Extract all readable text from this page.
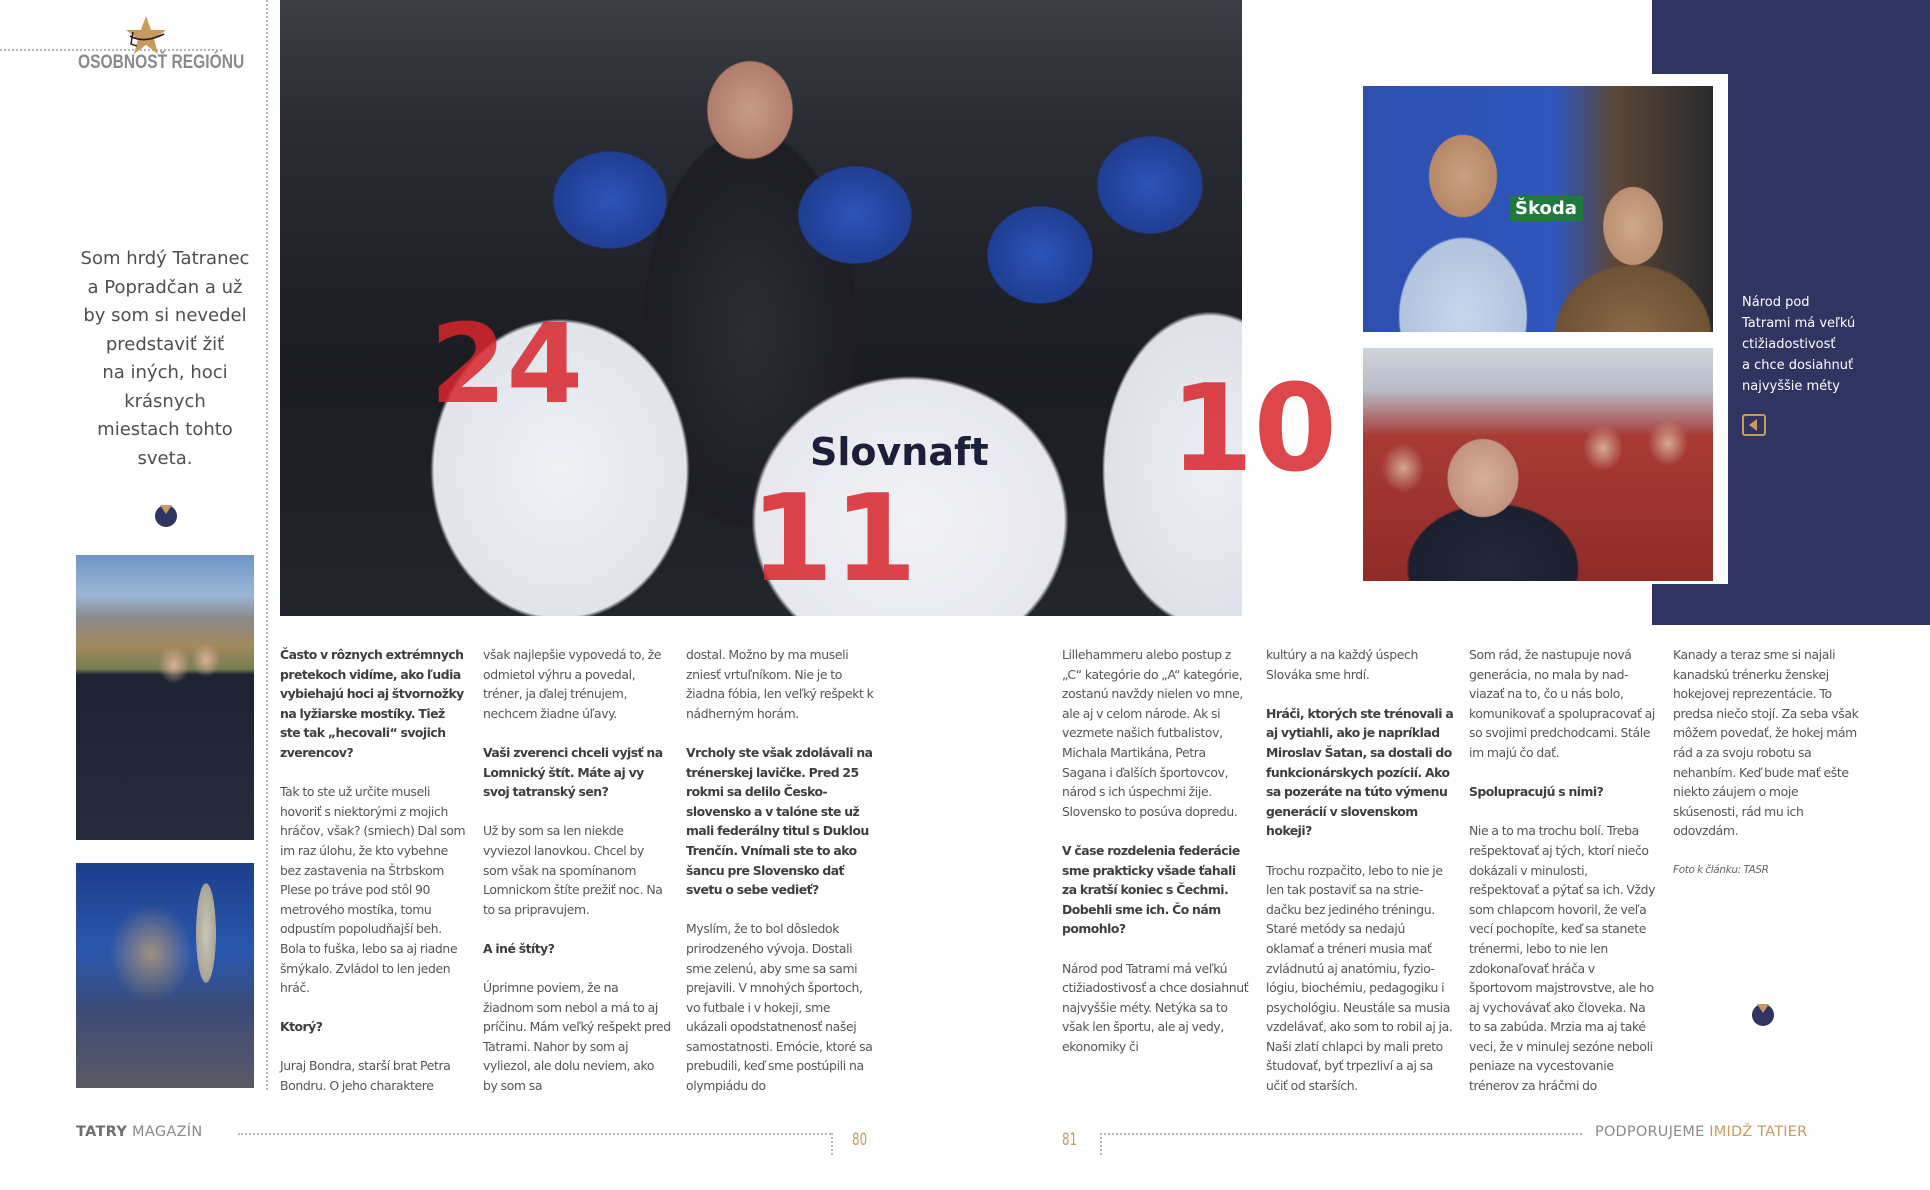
OSOBNOSŤ REGIÓNU
Som hrdý Tatranec
a Popradčan a už
by som si nevedel
predstaviť žiť
na iných, hoci
krásnych
miestach tohto
sveta.
24
11
10
Slovnaft
Škoda
Národ pod
Tatrami má veľkú
ctižiadostivosť
a chce dosiahnuť
najvyššie méty

Často v rôznych extrémnych pretekoch vidíme, ako ľudia vybiehajú hoci aj štvornožky na lyžiarske mostíky. Tiež ste tak „hecovali“ svojich zverencov?

Tak to ste už určite museli hovoriť s niektorými z mojich hráčov, však? (smiech) Dal som im raz úlohu, že kto vybehne bez zastavenia na Štrbskom Plese po tráve pod stôl 90 metrového mostíka, tomu odpustím popoludňajší beh. Bola to fuška, lebo sa aj riadne šmýkalo. Zvládol to len jeden hráč.

Ktorý?

Juraj Bondra, starší brat Petra Bondru. O jeho charaktere

však najlepšie vypovedá to, že odmietol výhru a povedal, tréner, ja ďalej trénujem, nechcem žiadne úľavy.

Vaši zverenci chceli vyjsť na Lomnický štít. Máte aj vy svoj tatranský sen?

Už by som sa len niekde vyviezol lanovkou. Chcel by som však na spomínanom Lomnickom štíte prežiť noc. Na to sa pripravujem.

A iné štíty?

Úprimne poviem, že na žiadnom som nebol a má to aj príčinu. Mám veľký rešpekt pred Tatrami. Nahor by som aj vyliezol, ale dolu neviem, ako by som sa

dostal. Možno by ma museli zniesť vrtuľníkom. Nie je to žiadna fóbia, len veľký rešpekt k nádherným horám.

Vrcholy ste však zdolávali na trénerskej lavičke. Pred 25 rokmi sa delilo Československo a v talóne ste už mali federálny titul s Duklou Trenčín. Vnímali ste to ako šancu pre Slovensko dať svetu o sebe vedieť?

Myslím, že to bol dôsledok prirodzeného vývoja. Dostali sme zelenú, aby sme sa sami prejavili. V mnohých športoch, vo futbale i v hokeji, sme ukázali opodstatnenosť našej samostatnosti. Emócie, ktoré sa prebudili, keď sme postúpili na olympiádu do

Lillehammeru alebo postup z „C“ kategórie do „A“ kategórie, zostanú navždy nielen vo mne, ale aj v celom národe. Ak si vezmete našich futbalistov, Michala Martikána, Petra Sagana i ďalších športovcov, národ s ich úspechmi žije. Slovensko to posúva dopredu.

V čase rozdelenia federácie sme prakticky všade ťahali za kratší koniec s Čechmi. Dobehli sme ich. Čo nám pomohlo?

Národ pod Tatrami má veľkú ctižiadostivosť a chce dosiahnuť najvyššie méty. Netýka sa to však len športu, ale aj vedy, ekonomiky či

kultúry a na každý úspech Slováka sme hrdí.

Hráči, ktorých ste trénovali a aj vytiahli, ako je napríklad Miroslav Šatan, sa dostali do funkcionárskych pozícií. Ako sa pozeráte na túto výmenu generácií v slovenskom hokeji?

Trochu rozpačito, lebo to nie je len tak postaviť sa na striedačku bez jediného tréningu. Staré metódy sa nedajú oklamať a tréneri musia mať zvládnutú aj anatómiu, fyziológiu, biochémiu, pedagogiku i psychológiu. Neustále sa musia vzdelávať, ako som to robil aj ja. Naši zlatí chlapci by mali preto študovať, byť trpezliví a aj sa učiť od starších.

Som rád, že nastupuje nová generácia, no mala by nadviazať na to, čo u nás bolo, komunikovať a spolupracovať aj so svojimi predchodcami. Stále im majú čo dať.

Spolupracujú s nimi?

Nie a to ma trochu bolí. Treba rešpektovať aj tých, ktorí niečo dokázali v minulosti, rešpektovať a pýtať sa ich. Vždy som chlapcom hovoril, že veľa vecí pochopíte, keď sa stanete trénermi, lebo to nie len zdokonaľovať hráča v športovom majstrovstve, ale ho aj vychovávať ako človeka. Na to sa zabúda. Mrzia ma aj také veci, že v minulej sezóne neboli peniaze na vycestovanie trénerov za hráčmi do

Kanady a teraz sme si najali kanadskú trénerku ženskej hokejovej reprezentácie. To predsa niečo stojí. Za seba však môžem povedať, že hokej mám rád a za svoju robotu sa nehanbím. Keď bude mať ešte niekto záujem o moje skúsenosti, rád mu ich odovzdám.

Foto k článku: TASR

TATRY MAGAZÍN	80	81	PODPORUJEME IMIDŽ TATIER
